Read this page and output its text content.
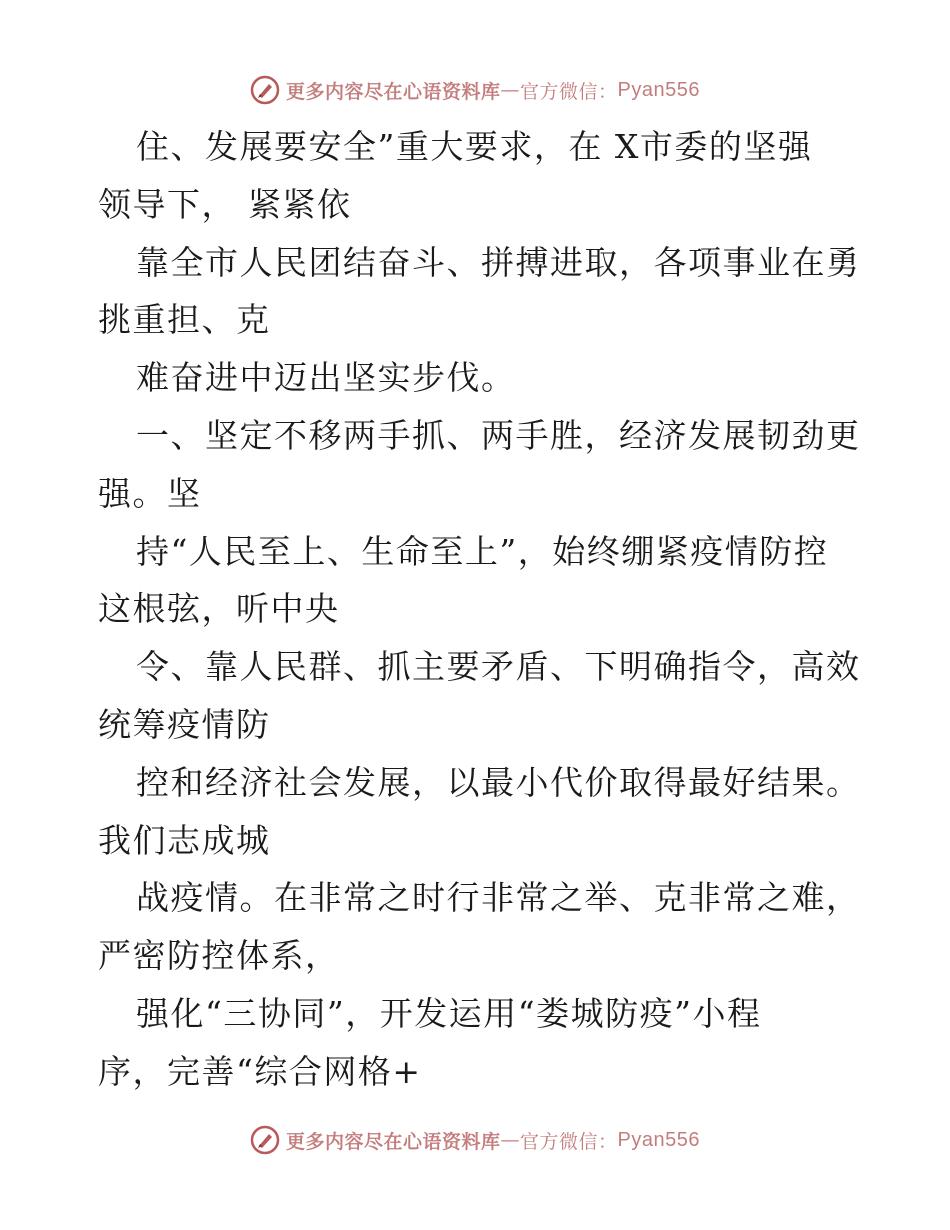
更多内容尽在心语资料库 — 官方微信： Pyan556
住、发展要安全”重大要求，在 X市委的坚强
领导下， 紧紧依
靠全市人民团结奋斗、拼搏进取，各项事业在勇
挑重担、克
难奋进中迈出坚实步伐。
一、坚定不移两手抓、两手胜，经济发展韧劲更
强。坚
持“人民至上、生命至上”，始终绷紧疫情防控
这根弦，听中央
令、靠人民群、抓主要矛盾、下明确指令，高效
统筹疫情防
控和经济社会发展，以最小代价取得最好结果。
我们志成城
战疫情。在非常之时行非常之举、克非常之难，
严密防控体系，
强化“三协同”，开发运用“娄城防疫”小程
序，完善“综合网格+
更多内容尽在心语资料库 — 官方微信： Pyan556
